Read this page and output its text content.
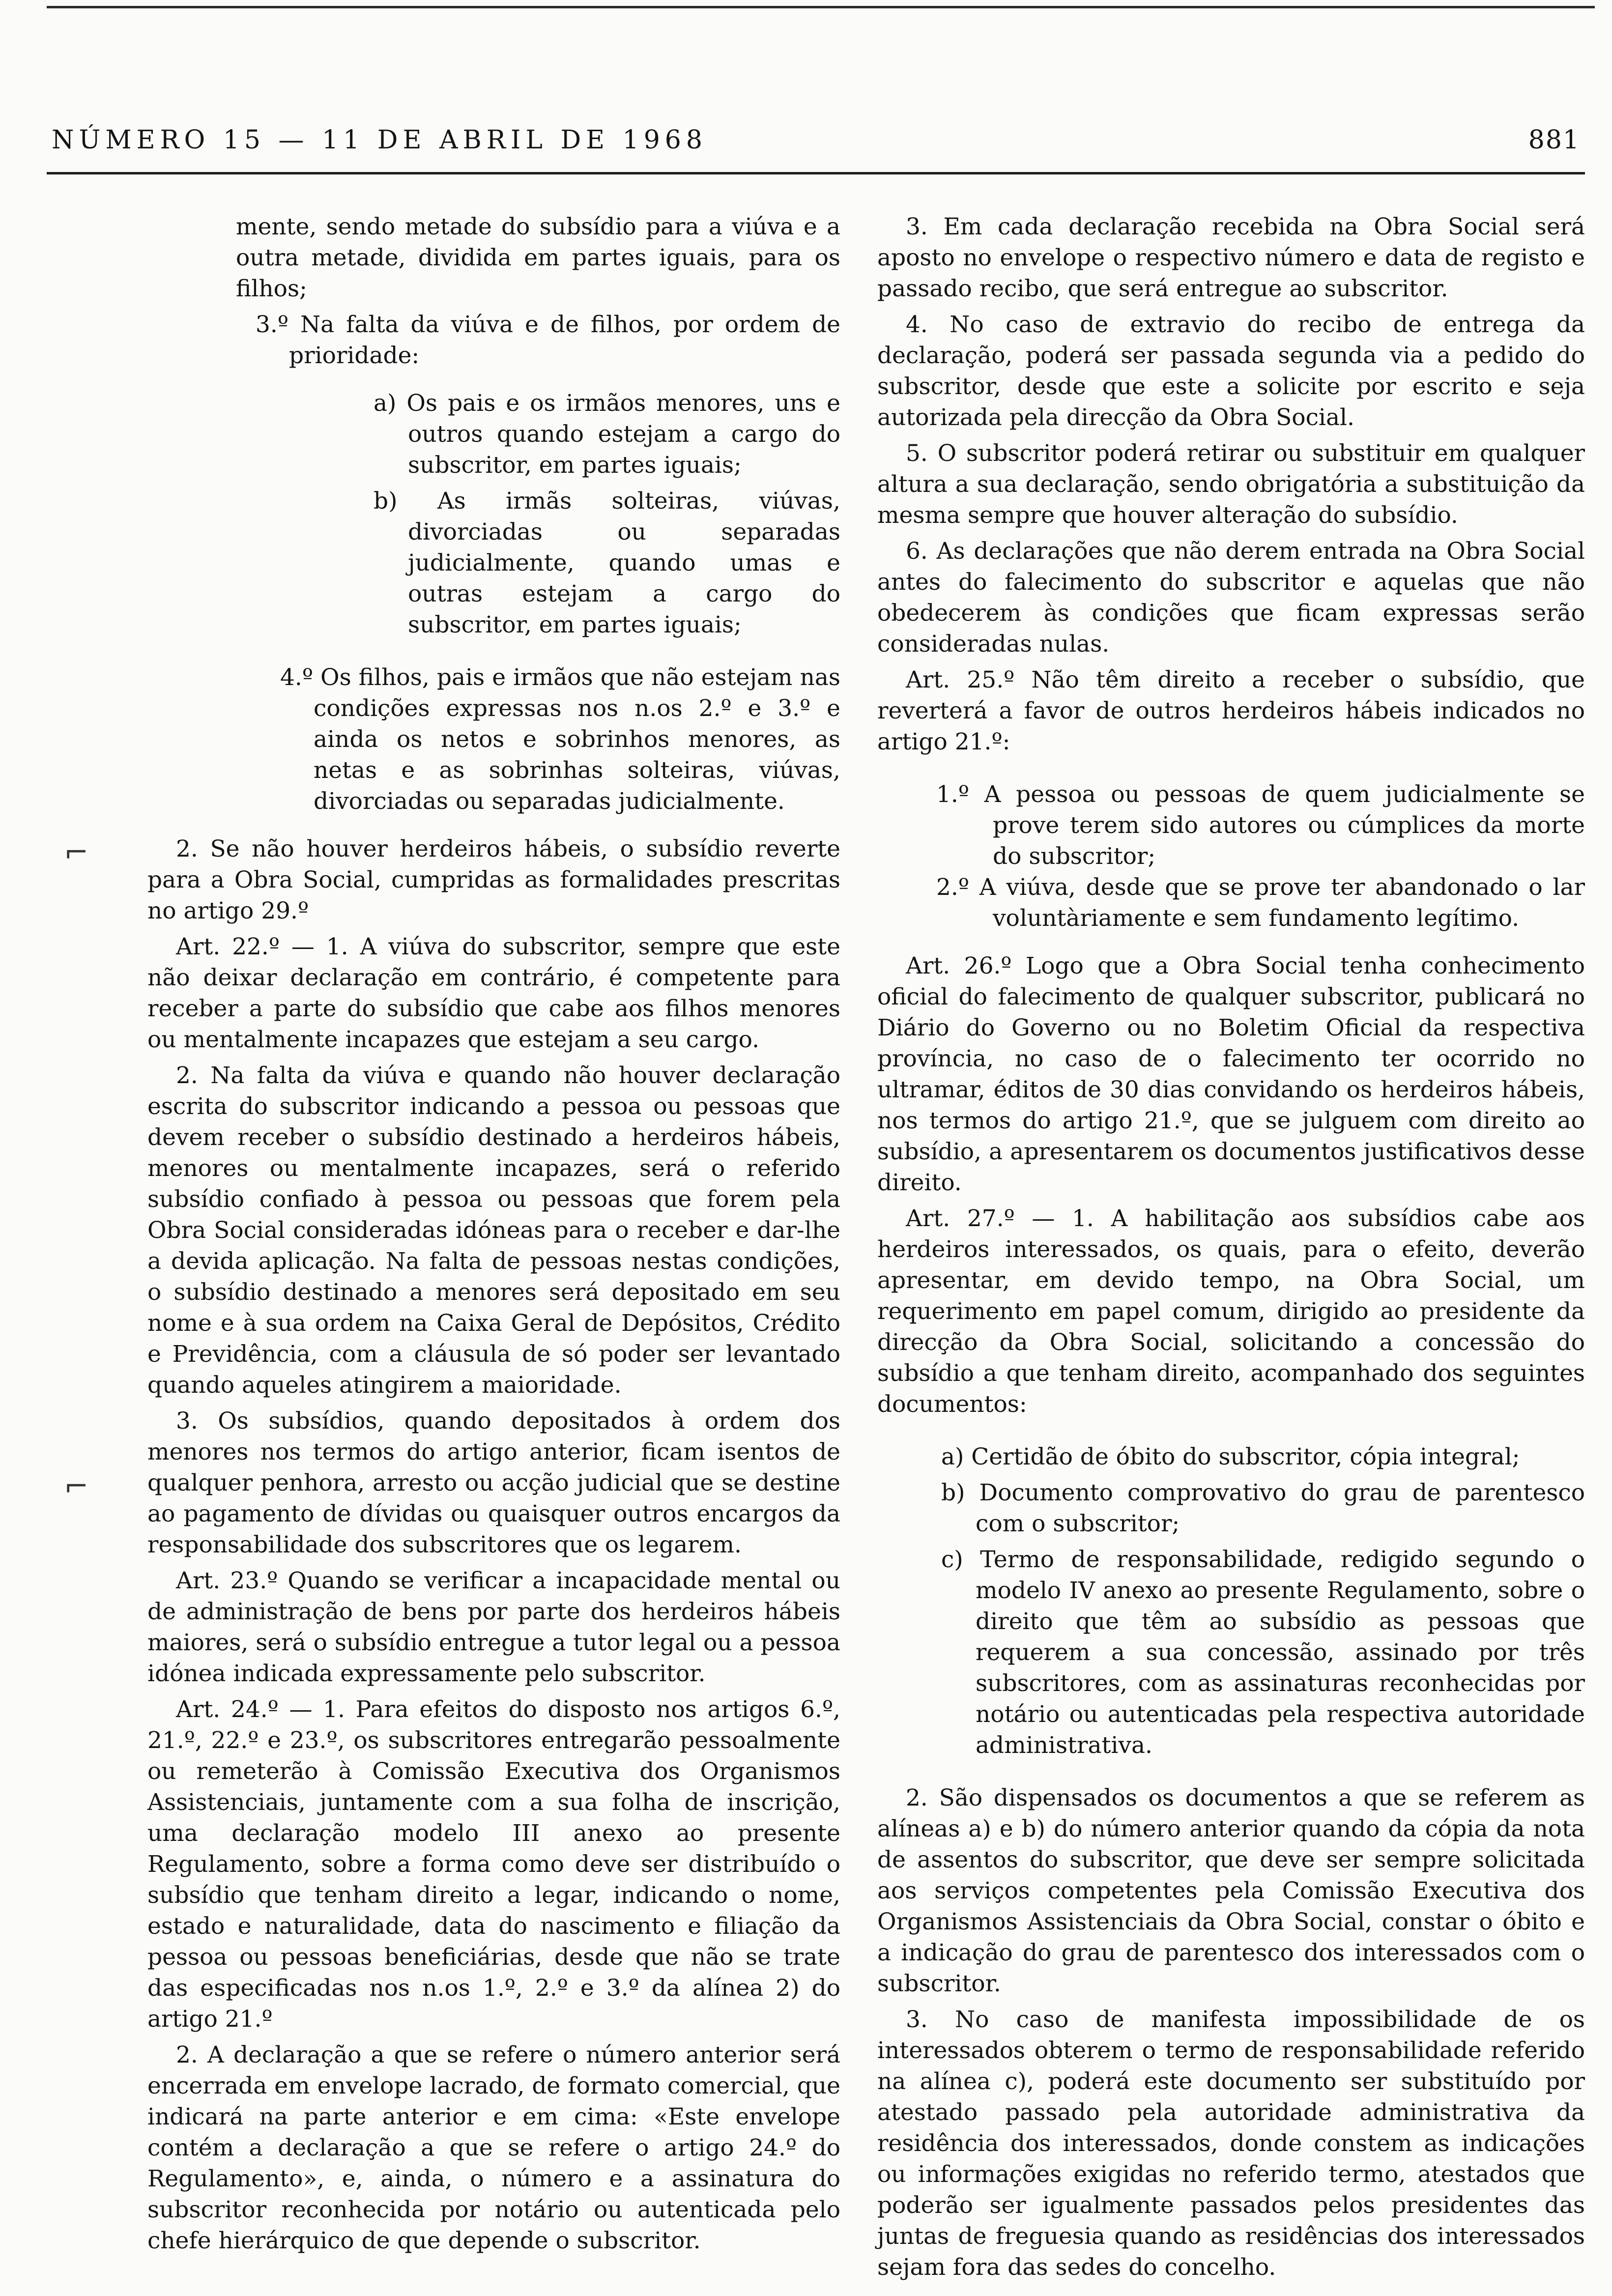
NÚMERO 15 — 11 DE ABRIL DE 1968	881
⌐
⌐

mente, sendo metade do subsídio para a viúva e a outra metade, dividida em partes iguais, para os filhos;

3.º Na falta da viúva e de filhos, por ordem de prioridade:

a) Os pais e os irmãos menores, uns e outros quando estejam a cargo do subscritor, em partes iguais;

b) As irmãs solteiras, viúvas, divorciadas ou separadas judicialmente, quando umas e outras estejam a cargo do subscritor, em partes iguais;

4.º Os filhos, pais e irmãos que não estejam nas condições expressas nos n.os 2.º e 3.º e ainda os netos e sobrinhos menores, as netas e as sobrinhas solteiras, viúvas, divorciadas ou separadas judicialmente.

2. Se não houver herdeiros hábeis, o subsídio reverte para a Obra Social, cumpridas as formalidades prescritas no artigo 29.º

Art. 22.º — 1. A viúva do subscritor, sempre que este não deixar declaração em contrário, é competente para receber a parte do subsídio que cabe aos filhos menores ou mentalmente incapazes que estejam a seu cargo.

2. Na falta da viúva e quando não houver declaração escrita do subscritor indicando a pessoa ou pessoas que devem receber o subsídio destinado a herdeiros hábeis, menores ou mentalmente incapazes, será o referido subsídio confiado à pessoa ou pessoas que forem pela Obra Social consideradas idóneas para o receber e dar-lhe a devida aplicação. Na falta de pessoas nestas condições, o subsídio destinado a menores será depositado em seu nome e à sua ordem na Caixa Geral de Depósitos, Crédito e Previdência, com a cláusula de só poder ser levantado quando aqueles atingirem a maioridade.

3. Os subsídios, quando depositados à ordem dos menores nos termos do artigo anterior, ficam isentos de qualquer penhora, arresto ou acção judicial que se destine ao pagamento de dívidas ou quaisquer outros encargos da responsabilidade dos subscritores que os legarem.

Art. 23.º Quando se verificar a incapacidade mental ou de administração de bens por parte dos herdeiros hábeis maiores, será o subsídio entregue a tutor legal ou a pessoa idónea indicada expressamente pelo subscritor.

Art. 24.º — 1. Para efeitos do disposto nos artigos 6.º, 21.º, 22.º e 23.º, os subscritores entregarão pessoalmente ou remeterão à Comissão Executiva dos Organismos Assistenciais, juntamente com a sua folha de inscrição, uma declaração modelo III anexo ao presente Regulamento, sobre a forma como deve ser distribuído o subsídio que tenham direito a legar, indicando o nome, estado e naturalidade, data do nascimento e filiação da pessoa ou pessoas beneficiárias, desde que não se trate das especificadas nos n.os 1.º, 2.º e 3.º da alínea 2) do artigo 21.º

2. A declaração a que se refere o número anterior será encerrada em envelope lacrado, de formato comercial, que indicará na parte anterior e em cima: «Este envelope contém a declaração a que se refere o artigo 24.º do Regulamento», e, ainda, o número e a assinatura do subscritor reconhecida por notário ou autenticada pelo chefe hierárquico de que depende o subscritor.

3. Em cada declaração recebida na Obra Social será aposto no envelope o respectivo número e data de registo e passado recibo, que será entregue ao subscritor.

4. No caso de extravio do recibo de entrega da declaração, poderá ser passada segunda via a pedido do subscritor, desde que este a solicite por escrito e seja autorizada pela direcção da Obra Social.

5. O subscritor poderá retirar ou substituir em qualquer altura a sua declaração, sendo obrigatória a substituição da mesma sempre que houver alteração do subsídio.

6. As declarações que não derem entrada na Obra Social antes do falecimento do subscritor e aquelas que não obedecerem às condições que ficam expressas serão consideradas nulas.

Art. 25.º Não têm direito a receber o subsídio, que reverterá a favor de outros herdeiros hábeis indicados no artigo 21.º:

1.º A pessoa ou pessoas de quem judicialmente se prove terem sido autores ou cúmplices da morte do subscritor;

2.º A viúva, desde que se prove ter abandonado o lar voluntàriamente e sem fundamento legítimo.

Art. 26.º Logo que a Obra Social tenha conhecimento oficial do falecimento de qualquer subscritor, publicará no Diário do Governo ou no Boletim Oficial da respectiva província, no caso de o falecimento ter ocorrido no ultramar, éditos de 30 dias convidando os herdeiros hábeis, nos termos do artigo 21.º, que se julguem com direito ao subsídio, a apresentarem os documentos justificativos desse direito.

Art. 27.º — 1. A habilitação aos subsídios cabe aos herdeiros interessados, os quais, para o efeito, deverão apresentar, em devido tempo, na Obra Social, um requerimento em papel comum, dirigido ao presidente da direcção da Obra Social, solicitando a concessão do subsídio a que tenham direito, acompanhado dos seguintes documentos:

a) Certidão de óbito do subscritor, cópia integral;

b) Documento comprovativo do grau de parentesco com o subscritor;

c) Termo de responsabilidade, redigido segundo o modelo IV anexo ao presente Regulamento, sobre o direito que têm ao subsídio as pessoas que requerem a sua concessão, assinado por três subscritores, com as assinaturas reconhecidas por notário ou autenticadas pela respectiva autoridade administrativa.

2. São dispensados os documentos a que se referem as alíneas a) e b) do número anterior quando da cópia da nota de assentos do subscritor, que deve ser sempre solicitada aos serviços competentes pela Comissão Executiva dos Organismos Assistenciais da Obra Social, constar o óbito e a indicação do grau de parentesco dos interessados com o subscritor.

3. No caso de manifesta impossibilidade de os interessados obterem o termo de responsabilidade referido na alínea c), poderá este documento ser substituído por atestado passado pela autoridade administrativa da residência dos interessados, donde constem as indicações ou informações exigidas no referido termo, atestados que poderão ser igualmente passados pelos presidentes das juntas de freguesia quando as residências dos interessados sejam fora das sedes do concelho.
